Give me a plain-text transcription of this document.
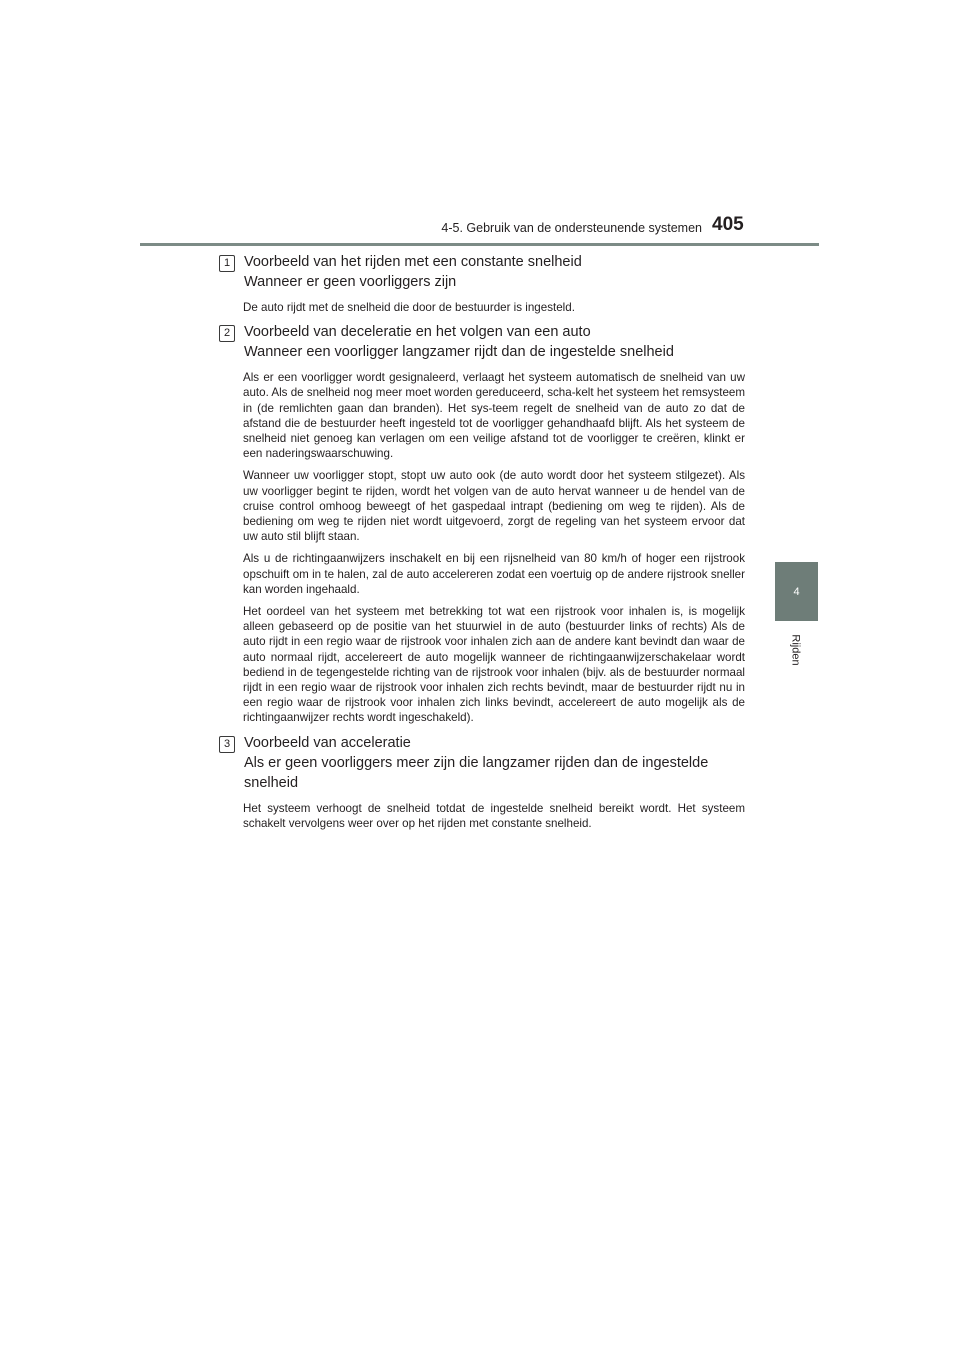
4-5. Gebruik van de ondersteunende systemen 405
4
Rijden
1 Voorbeeld van het rijden met een constante snelheid
Wanneer er geen voorliggers zijn

De auto rijdt met de snelheid die door de bestuurder is ingesteld.

2 Voorbeeld van deceleratie en het volgen van een auto
Wanneer een voorligger langzamer rijdt dan de ingestelde snelheid

Als er een voorligger wordt gesignaleerd, verlaagt het systeem automatisch de snelheid van uw auto. Als de snelheid nog meer moet worden gereduceerd, scha-kelt het systeem het remsysteem in (de remlichten gaan dan branden). Het sys-teem regelt de snelheid van de auto zo dat de afstand die de bestuurder heeft ingesteld tot de voorligger gehandhaafd blijft. Als het systeem de snelheid niet genoeg kan verlagen om een veilige afstand tot de voorligger te creëren, klinkt er een naderingswaarschuwing.

Wanneer uw voorligger stopt, stopt uw auto ook (de auto wordt door het systeem stilgezet). Als uw voorligger begint te rijden, wordt het volgen van de auto hervat wanneer u de hendel van de cruise control omhoog beweegt of het gaspedaal intrapt (bediening om weg te rijden). Als de bediening om weg te rijden niet wordt uitgevoerd, zorgt de regeling van het systeem ervoor dat uw auto stil blijft staan.

Als u de richtingaanwijzers inschakelt en bij een rijsnelheid van 80 km/h of hoger een rijstrook opschuift om in te halen, zal de auto accelereren zodat een voertuig op de andere rijstrook sneller kan worden ingehaald.

Het oordeel van het systeem met betrekking tot wat een rijstrook voor inhalen is, is mogelijk alleen gebaseerd op de positie van het stuurwiel in de auto (bestuurder links of rechts) Als de auto rijdt in een regio waar de rijstrook voor inhalen zich aan de andere kant bevindt dan waar de auto normaal rijdt, accelereert de auto mogelijk wanneer de richtingaanwijzerschakelaar wordt bediend in de tegengestelde richting van de rijstrook voor inhalen (bijv. als de bestuurder normaal rijdt in een regio waar de rijstrook voor inhalen zich rechts bevindt, maar de bestuurder rijdt nu in een regio waar de rijstrook voor inhalen zich links bevindt, accelereert de auto mogelijk als de richtingaanwijzer rechts wordt ingeschakeld).

3 Voorbeeld van acceleratie
Als er geen voorliggers meer zijn die langzamer rijden dan de ingestelde snelheid

Het systeem verhoogt de snelheid totdat de ingestelde snelheid bereikt wordt. Het systeem schakelt vervolgens weer over op het rijden met constante snelheid.
